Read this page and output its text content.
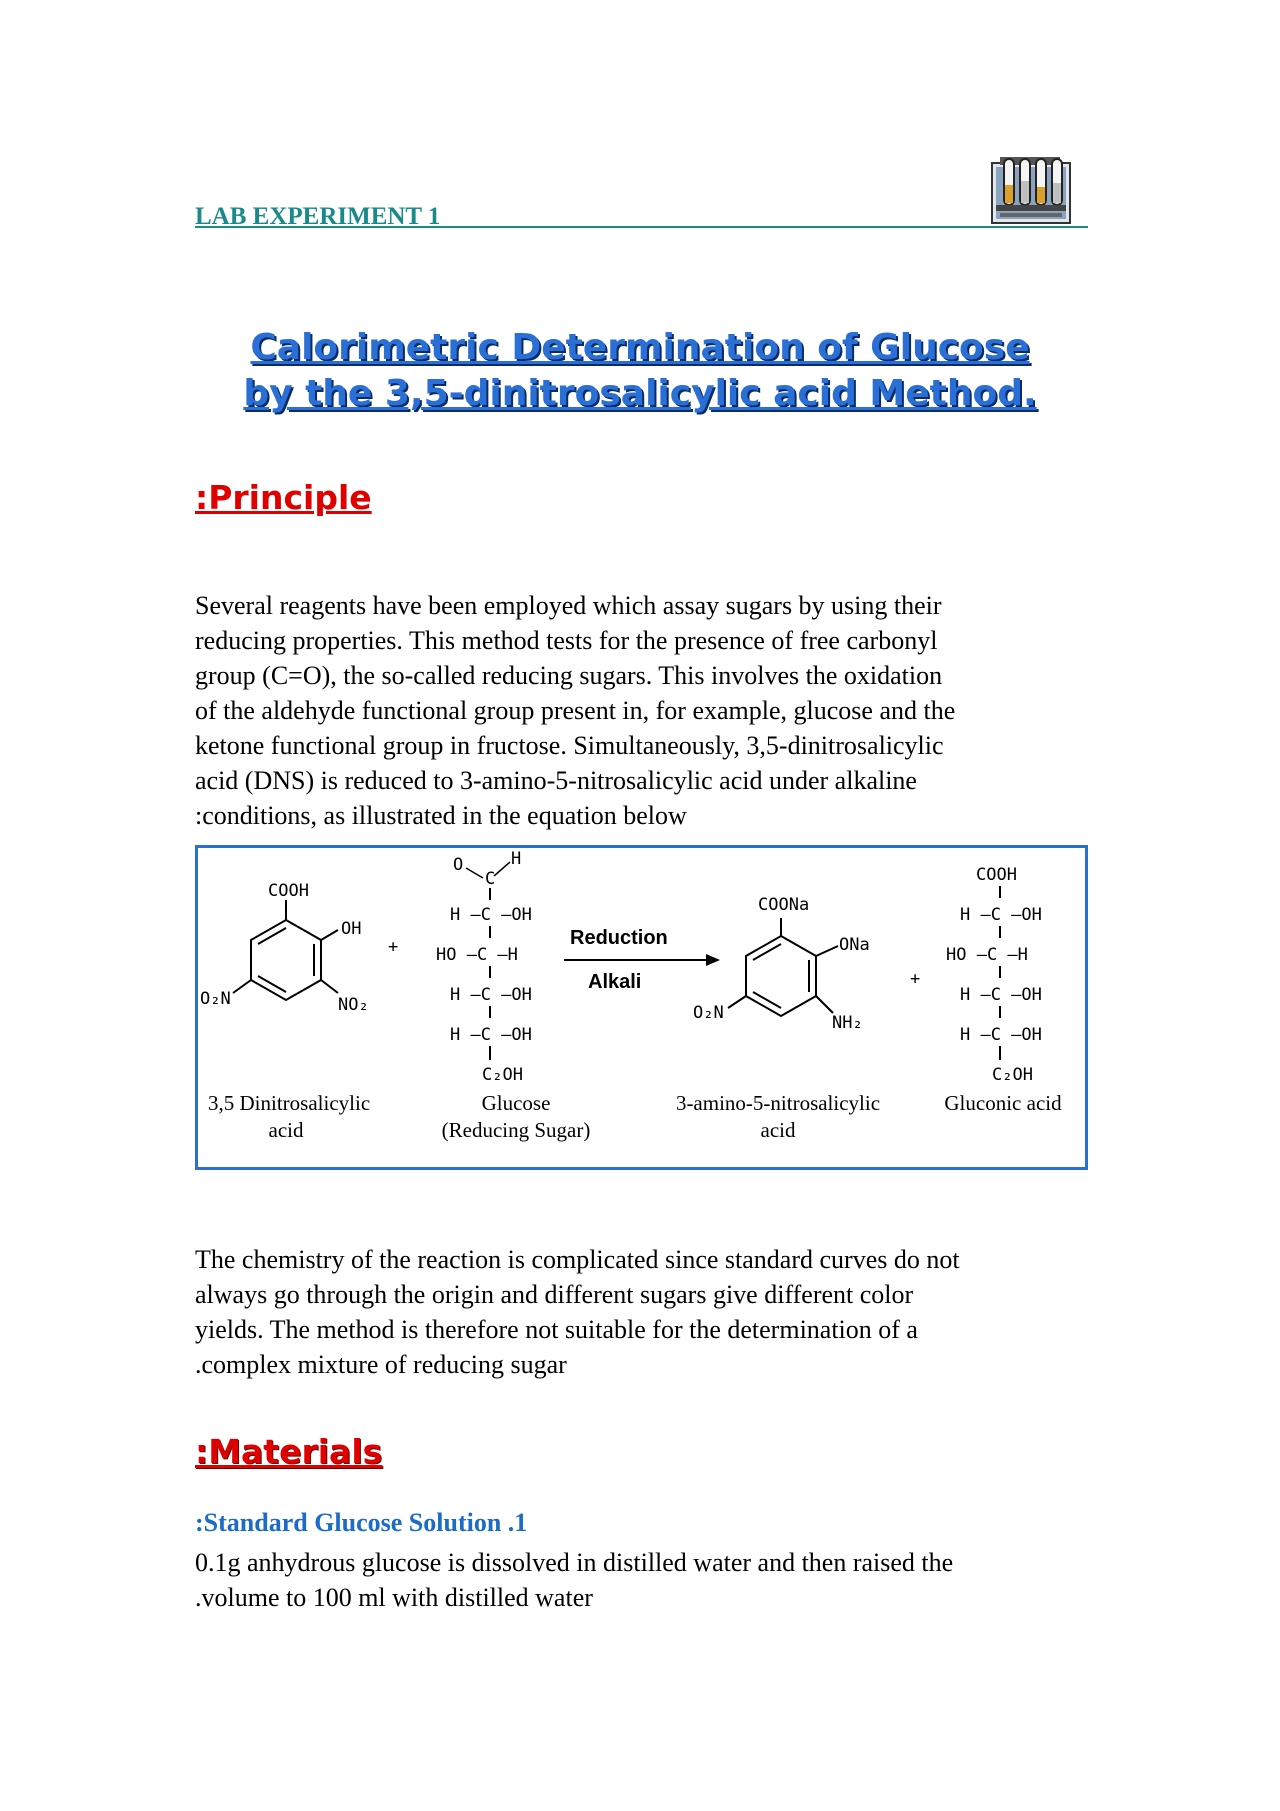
LAB EXPERIMENT 1
Calorimetric Determination of Glucose
by the 3,5-dinitrosalicylic acid Method.
:Principle

Several reagents have been employed which assay sugars by using their

reducing properties. This method tests for the presence of free carbonyl

group (C=O), the so-called reducing sugars. This involves the oxidation

of the aldehyde functional group present in, for example, glucose and the

ketone functional group in fructose. Simultaneously, 3,5-dinitrosalicylic

acid (DNS) is reduced to 3-amino-5-nitrosalicylic acid under alkaline

:conditions, as illustrated in the equation below

COOH
OH
O₂N	NO₂
3,5 Dinitrosalicylic
acid
+
O
C
H
H –C –OH
HO –C –H
H –C –OH
H –C –OH
C₂OH
Glucose
(Reducing Sugar)
Reduction
Alkali
COONa
ONa
O₂N	NH₂
3-amino-5-nitrosalicylic
acid
+
COOH
H –C –OH
HO –C –H
H –C –OH
H –C –OH
C₂OH
Gluconic acid

The chemistry of the reaction is complicated since standard curves do not

always go through the origin and different sugars give different color

yields. The method is therefore not suitable for the determination of a

.complex mixture of reducing sugar

:Materials
:Standard Glucose Solution .1

0.1g anhydrous glucose is dissolved in distilled water and then raised the

.volume to 100 ml with distilled water
